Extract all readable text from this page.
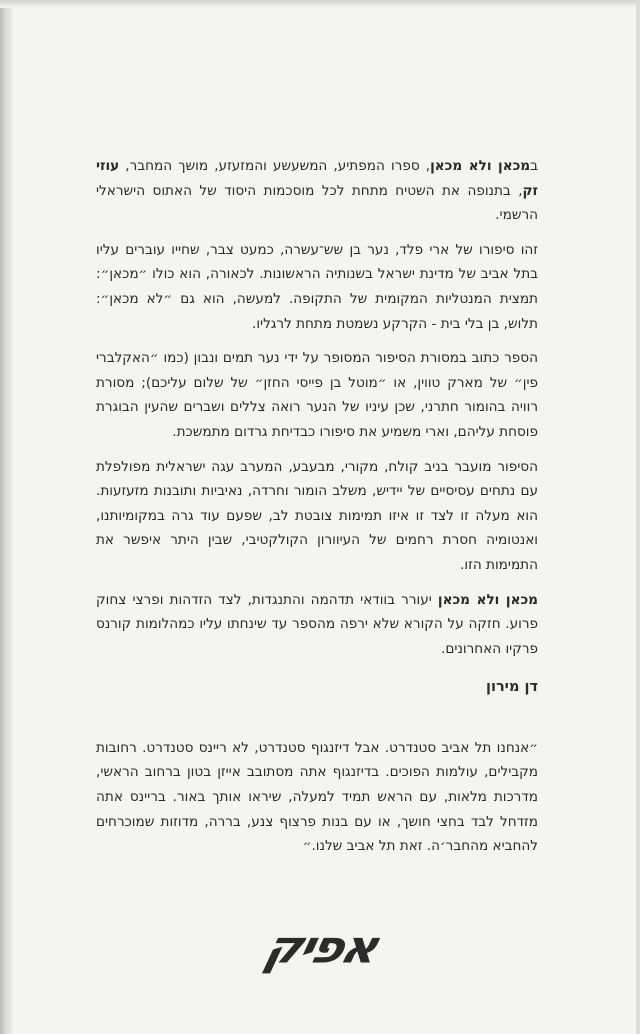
במכאן ולא מכאן, ספרו המפתיע, המשעשע והמזעזע, מושך המחבר, עוזי זק, בתנופה את השטיח מתחת לכל מוסכמות היסוד של האתוס הישראלי הרשמי.

זהו סיפורו של ארי פלד, נער בן שש־עשרה, כמעט צבר, שחייו עוברים עליו בתל אביב של מדינת ישראל בשנותיה הראשונות. לכאורה, הוא כולו ״מכאן״: תמצית המנטליות המקומית של התקופה. למעשה, הוא גם ״לא מכאן״: תלוש, בן בלי בית - הקרקע נשמטת מתחת לרגליו.

הספר כתוב במסורת הסיפור המסופר על ידי נער תמים ונבון (כמו ״האקלברי פין״ של מארק טווין, או ״מוטל בן פייסי החזן״ של שלום עליכם); מסורת רוויה בהומור חתרני, שכן עיניו של הנער רואה צללים ושברים שהעין הבוגרת פוסחת עליהם, וארי משמיע את סיפורו כבדיחת גרדום מתמשכת.

הסיפור מועבר בניב קולח, מקורי, מבעבע, המערב עגה ישראלית מפולפלת עם נתחים עסיסיים של יידיש, משלב הומור וחרדה, נאיביות ותובנות מזעזעות. הוא מעלה זו לצד זו איזו תמימות צובטת לב, שפעם עוד גרה במקומיותנו, ואנטומיה חסרת רחמים של העיוורון הקולקטיבי, שבין היתר איפשר את התמימות הזו.

מכאן ולא מכאן יעורר בוודאי תדהמה והתנגדות, לצד הזדהות ופרצי צחוק פרוע. חזקה על הקורא שלא ירפה מהספר עד שינחתו עליו כמהלומות קורנס פרקיו האחרונים.

דן מירון

״אנחנו תל אביב סטנדרט. אבל דיזנגוף סטנדרט, לא ריינס סטנדרט. רחובות מקבילים, עולמות הפוכים. בדיזנגוף אתה מסתובב אייזן בטון ברחוב הראשי, מדרכות מלאות, עם הראש תמיד למעלה, שיראו אותך באור. בריינס אתה מזדחל לבד בחצי חושך, או עם בנות פרצוף צנע, בררה, מדוזות שמוכרחים להחביא מהחבר׳ה. זאת תל אביב שלנו.״

אפיק
